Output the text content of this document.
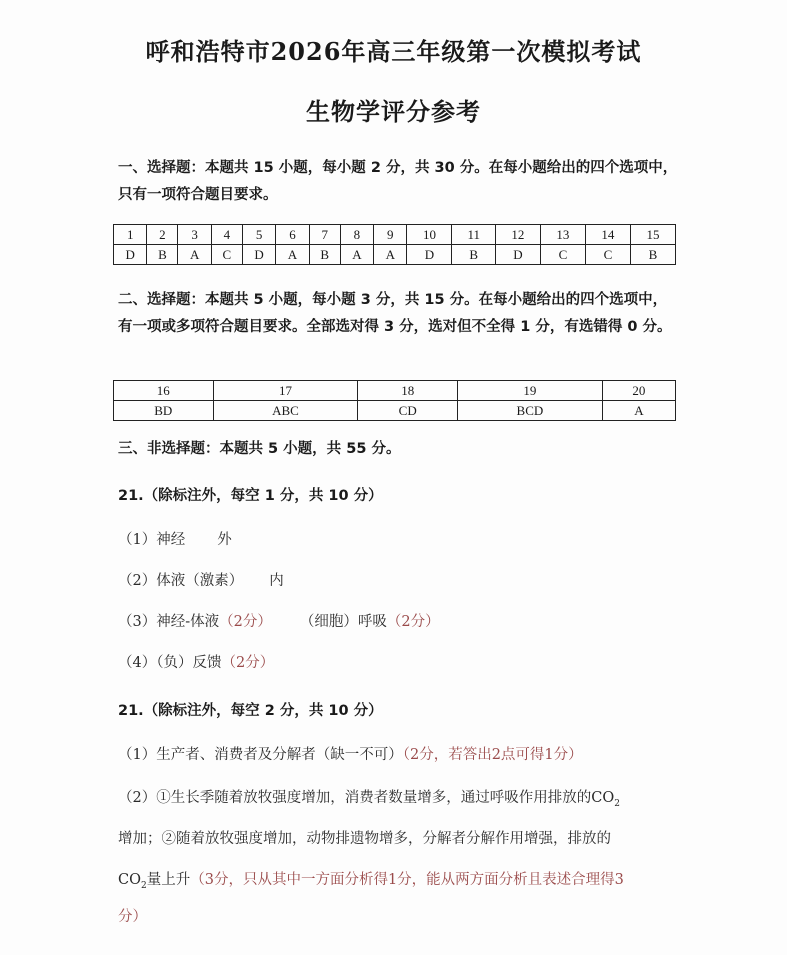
呼和浩特市2026年高三年级第一次模拟考试
生物学评分参考
一、选择题：本题共 15 小题，每小题 2 分，共 30 分。在每小题给出的四个选项中，只有一项符合题目要求。
1	2	3	4	5	6	7	8	9	10	11	12	13	14	15
D	B	A	C	D	A	B	A	A	D	B	D	C	C	B
二、选择题：本题共 5 小题，每小题 3 分，共 15 分。在每小题给出的四个选项中，有一项或多项符合题目要求。全部选对得 3 分，选对但不全得 1 分，有选错得 0 分。
16	17	18	19	20
BD	ABC	CD	BCD	A
三、非选择题：本题共 5 小题，共 55 分。
21.（除标注外，每空 1 分，共 10 分）
（1）神经 外
（2）体液（激素） 内
（3）神经-体液（2分） （细胞）呼吸（2分）
（4）（负）反馈（2分）
21.（除标注外，每空 2 分，共 10 分）
（1）生产者、消费者及分解者（缺一不可）（2分，若答出2点可得1分）
（2）①生长季随着放牧强度增加，消费者数量增多，通过呼吸作用排放的$CO_2$
增加；②随着放牧强度增加，动物排遗物增多，分解者分解作用增强，排放的
$CO_2$量上升（3分，只从其中一方面分析得1分，能从两方面分析且表述合理得3
分）
